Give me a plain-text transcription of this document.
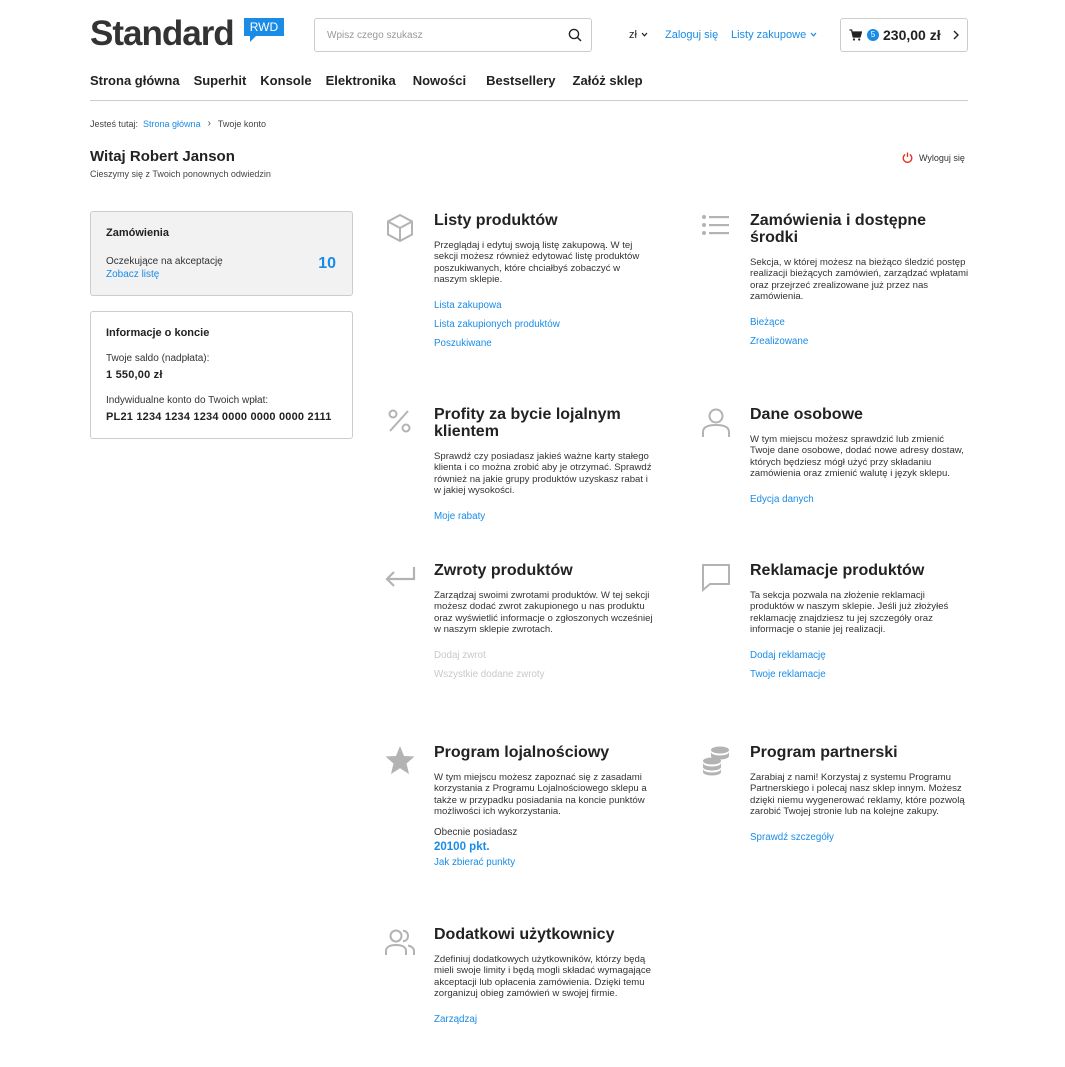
Standard	RWD
Wpisz czego szukasz
zł	Zaloguj się Listy zakupowe	5 230,00 zł
Strona główna Superhit Konsole Elektronika Nowości Bestsellery Załóż sklep
Jesteś tutaj: Strona główna › Twoje konto
Witaj Robert Janson
Cieszymy się z Twoich ponownych odwiedzin
Wyloguj się
Zamówienia
Oczekujące na akceptację
Zobacz listę
10
Informacje o koncie
Twoje saldo (nadpłata):
1 550,00 zł
Indywidualne konto do Twoich wpłat:
PL21 1234 1234 1234 0000 0000 0000 2111
Listy produktów

Przeglądaj i edytuj swoją listę zakupową. W tej sekcji możesz również edytować listę produktów poszukiwanych, które chciałbyś zobaczyć w naszym sklepie.

Lista zakupowa
Lista zakupionych produktów
Poszukiwane
Zamówienia i dostępne środki

Sekcja, w której możesz na bieżąco śledzić postęp realizacji bieżących zamówień, zarządzać wpłatami oraz przejrzeć zrealizowane już przez nas zamówienia.

Bieżące
Zrealizowane
Profity za bycie lojalnym klientem

Sprawdź czy posiadasz jakieś ważne karty stałego klienta i co można zrobić aby je otrzymać. Sprawdź również na jakie grupy produktów uzyskasz rabat i w jakiej wysokości.

Moje rabaty
Dane osobowe

W tym miejscu możesz sprawdzić lub zmienić Twoje dane osobowe, dodać nowe adresy dostaw, których będziesz mógł użyć przy składaniu zamówienia oraz zmienić walutę i język sklepu.

Edycja danych
Zwroty produktów

Zarządzaj swoimi zwrotami produktów. W tej sekcji możesz dodać zwrot zakupionego u nas produktu oraz wyświetlić informacje o zgłoszonych wcześniej w naszym sklepie zwrotach.

Dodaj zwrot
Wszystkie dodane zwroty
Reklamacje produktów

Ta sekcja pozwala na złożenie reklamacji produktów w naszym sklepie. Jeśli już złożyłeś reklamację znajdziesz tu jej szczegóły oraz informacje o stanie jej realizacji.

Dodaj reklamację
Twoje reklamacje
Program lojalnościowy

W tym miejscu możesz zapoznać się z zasadami korzystania z Programu Lojalnościowego sklepu a także w przypadku posiadania na koncie punktów możliwości ich wykorzystania.

Obecnie posiadasz
20100 pkt.
Jak zbierać punkty
Program partnerski

Zarabiaj z nami! Korzystaj z systemu Programu Partnerskiego i polecaj nasz sklep innym. Możesz dzięki niemu wygenerować reklamy, które pozwolą zarobić Twojej stronie lub na kolejne zakupy.

Sprawdź szczegóły
Dodatkowi użytkownicy

Zdefiniuj dodatkowych użytkowników, którzy będą mieli swoje limity i będą mogli składać wymagające akceptacji lub opłacenia zamówienia. Dzięki temu zorganizuj obieg zamówień w swojej firmie.

Zarządzaj
